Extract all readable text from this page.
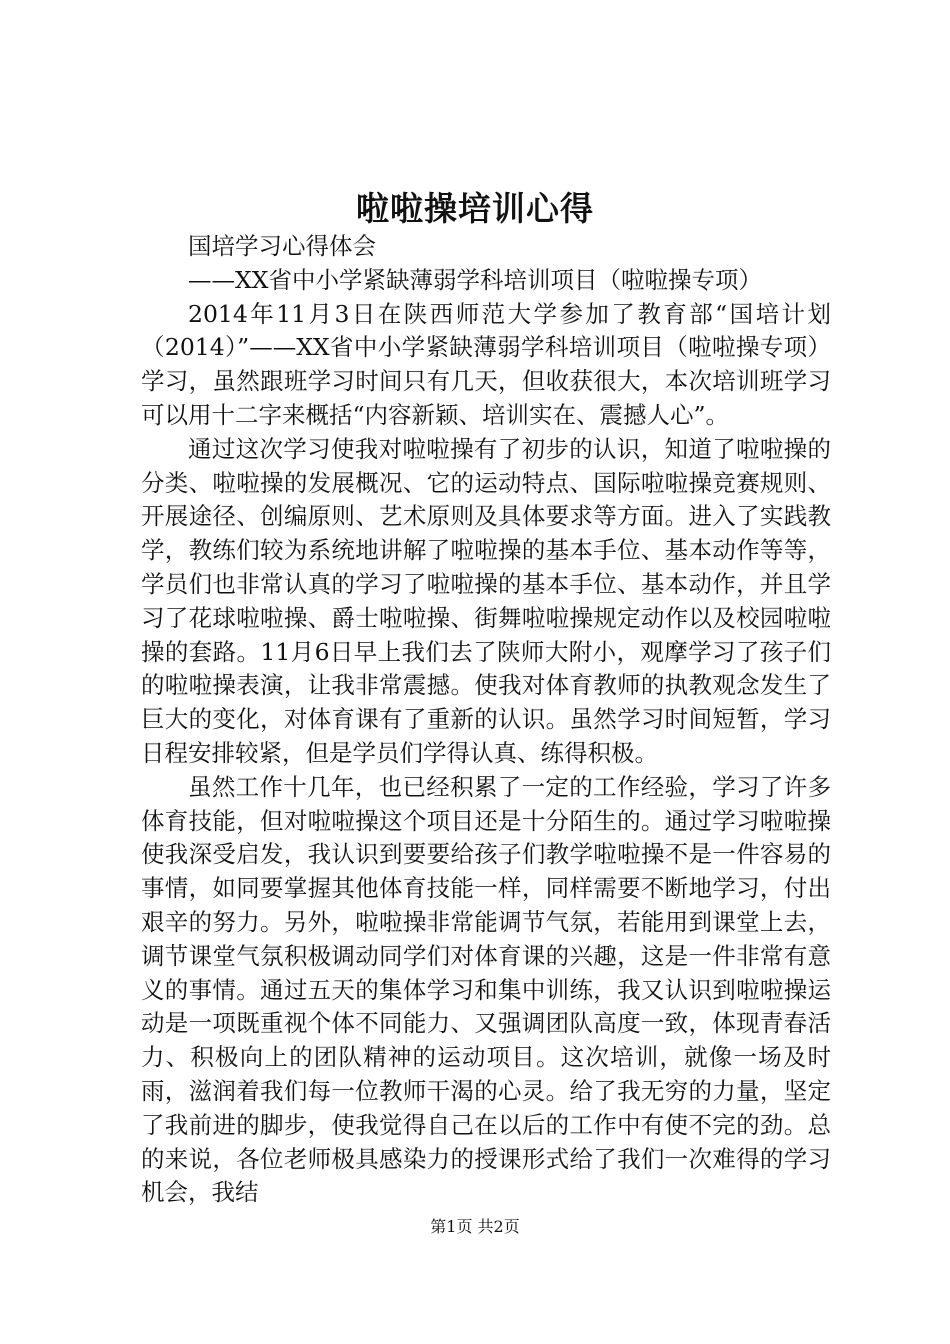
啦啦操培训心得

国培学习心得体会

——XX省中小学紧缺薄弱学科培训项目（啦啦操专项）

2014年11月3日在陕西师范大学参加了教育部“国培计划（2014）”——XX省中小学紧缺薄弱学科培训项目（啦啦操专项）学习，虽然跟班学习时间只有几天，但收获很大，本次培训班学习可以用十二字来概括“内容新颖、培训实在、震撼人心”。

通过这次学习使我对啦啦操有了初步的认识，知道了啦啦操的分类、啦啦操的发展概况、它的运动特点、国际啦啦操竞赛规则、开展途径、创编原则、艺术原则及具体要求等方面。进入了实践教学，教练们较为系统地讲解了啦啦操的基本手位、基本动作等等，学员们也非常认真的学习了啦啦操的基本手位、基本动作，并且学习了花球啦啦操、爵士啦啦操、街舞啦啦操规定动作以及校园啦啦操的套路。11月6日早上我们去了陕师大附小，观摩学习了孩子们的啦啦操表演，让我非常震撼。使我对体育教师的执教观念发生了巨大的变化，对体育课有了重新的认识。虽然学习时间短暂，学习日程安排较紧，但是学员们学得认真、练得积极。

虽然工作十几年，也已经积累了一定的工作经验，学习了许多体育技能，但对啦啦操这个项目还是十分陌生的。通过学习啦啦操使我深受启发，我认识到要要给孩子们教学啦啦操不是一件容易的事情，如同要掌握其他体育技能一样，同样需要不断地学习，付出艰辛的努力。另外，啦啦操非常能调节气氛，若能用到课堂上去，调节课堂气氛积极调动同学们对体育课的兴趣，这是一件非常有意义的事情。通过五天的集体学习和集中训练，我又认识到啦啦操运动是一项既重视个体不同能力、又强调团队高度一致，体现青春活力、积极向上的团队精神的运动项目。这次培训，就像一场及时雨，滋润着我们每一位教师干渴的心灵。给了我无穷的力量，坚定了我前进的脚步，使我觉得自己在以后的工作中有使不完的劲。总的来说，各位老师极具感染力的授课形式给了我们一次难得的学习机会，我结

第1页 共2页
